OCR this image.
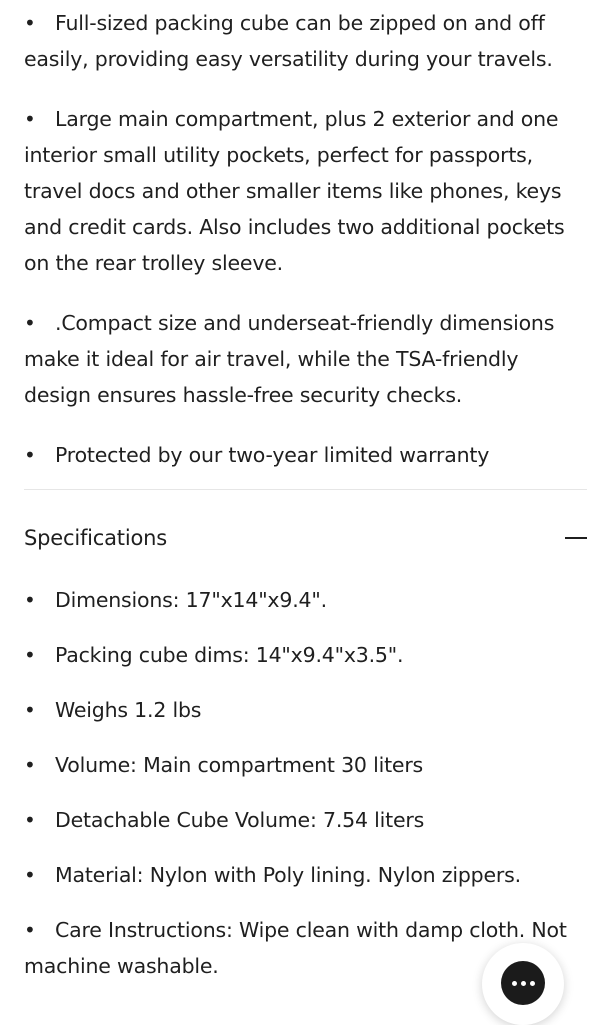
•Full-sized packing cube can be zipped on and off easily, providing easy versatility during your travels.
•Large main compartment, plus 2 exterior and one interior small utility pockets, perfect for passports, travel docs and other smaller items like phones, keys and credit cards. Also includes two additional pockets on the rear trolley sleeve.
•.Compact size and underseat-friendly dimensions make it ideal for air travel, while the TSA-friendly design ensures hassle-free security checks.
•Protected by our two-year limited warranty
Specifications
•Dimensions: 17"x14"x9.4".
•Packing cube dims: 14"x9.4"x3.5".
•Weighs 1.2 lbs
•Volume: Main compartment 30 liters
•Detachable Cube Volume: 7.54 liters
•Material: Nylon with Poly lining. Nylon zippers.
•Care Instructions: Wipe clean with damp cloth. Not machine washable.
